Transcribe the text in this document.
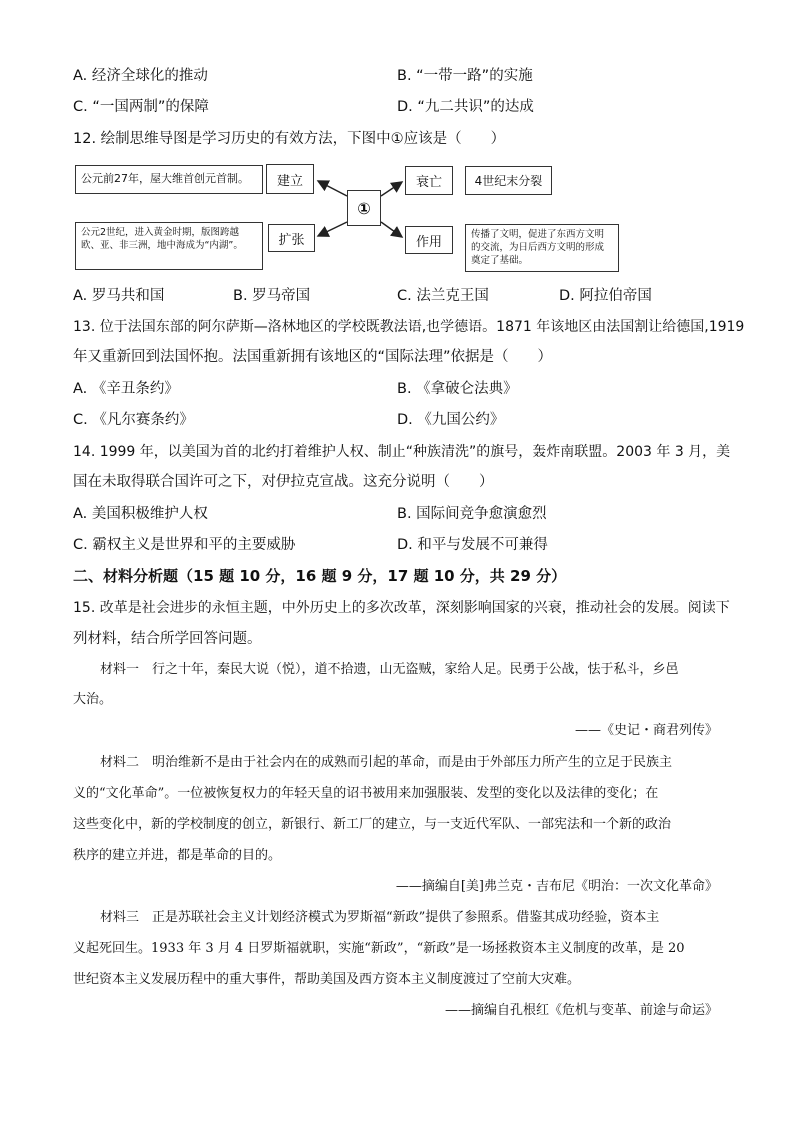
A. 经济全球化的推动	B. “一带一路”的实施
C. “一国两制”的保障	D. “九二共识”的达成
12. 绘制思维导图是学习历史的有效方法，下图中①应该是（　　）
公元前27年，屋大维首创元首制。	建立
①
衰亡	4世纪末分裂
公元2世纪，进入黄金时期，版图跨越欧、亚、非三洲，地中海成为“内湖”。	扩张	作用	传播了文明，促进了东西方文明的交流，为日后西方文明的形成奠定了基础。
A. 罗马共和国	B. 罗马帝国	C. 法兰克王国	D. 阿拉伯帝国
13. 位于法国东部的阿尔萨斯—洛林地区的学校既教法语,也学德语。1871 年该地区由法国割让给德国,1919
年又重新回到法国怀抱。法国重新拥有该地区的“国际法理”依据是（　　）
A. 《辛丑条约》	B. 《拿破仑法典》
C. 《凡尔赛条约》	D. 《九国公约》
14. 1999 年，以美国为首的北约打着维护人权、制止“种族清洗”的旗号，轰炸南联盟。2003 年 3 月，美
国在未取得联合国许可之下，对伊拉克宣战。这充分说明（　　）
A. 美国积极维护人权	B. 国际间竞争愈演愈烈
C. 霸权主义是世界和平的主要威胁	D. 和平与发展不可兼得
二、材料分析题（15 题 10 分，16 题 9 分，17 题 10 分，共 29 分）
15. 改革是社会进步的永恒主题，中外历史上的多次改革，深刻影响国家的兴衰，推动社会的发展。阅读下
列材料，结合所学回答问题。
材料一　行之十年，秦民大说（悦），道不拾遗，山无盗贼，家给人足。民勇于公战，怯于私斗，乡邑
大治。
——《史记・商君列传》
材料二　明治维新不是由于社会内在的成熟而引起的革命，而是由于外部压力所产生的立足于民族主
义的“文化革命”。一位被恢复权力的年轻天皇的诏书被用来加强服装、发型的变化以及法律的变化；在
这些变化中，新的学校制度的创立，新银行、新工厂的建立，与一支近代军队、一部宪法和一个新的政治
秩序的建立并进，都是革命的目的。
——摘编自[美]弗兰克・吉布尼《明治：一次文化革命》
材料三　正是苏联社会主义计划经济模式为罗斯福“新政”提供了参照系。借鉴其成功经验，资本主
义起死回生。1933 年 3 月 4 日罗斯福就职，实施“新政”，“新政”是一场拯救资本主义制度的改革，是 20
世纪资本主义发展历程中的重大事件，帮助美国及西方资本主义制度渡过了空前大灾难。
——摘编自孔根红《危机与变革、前途与命运》
